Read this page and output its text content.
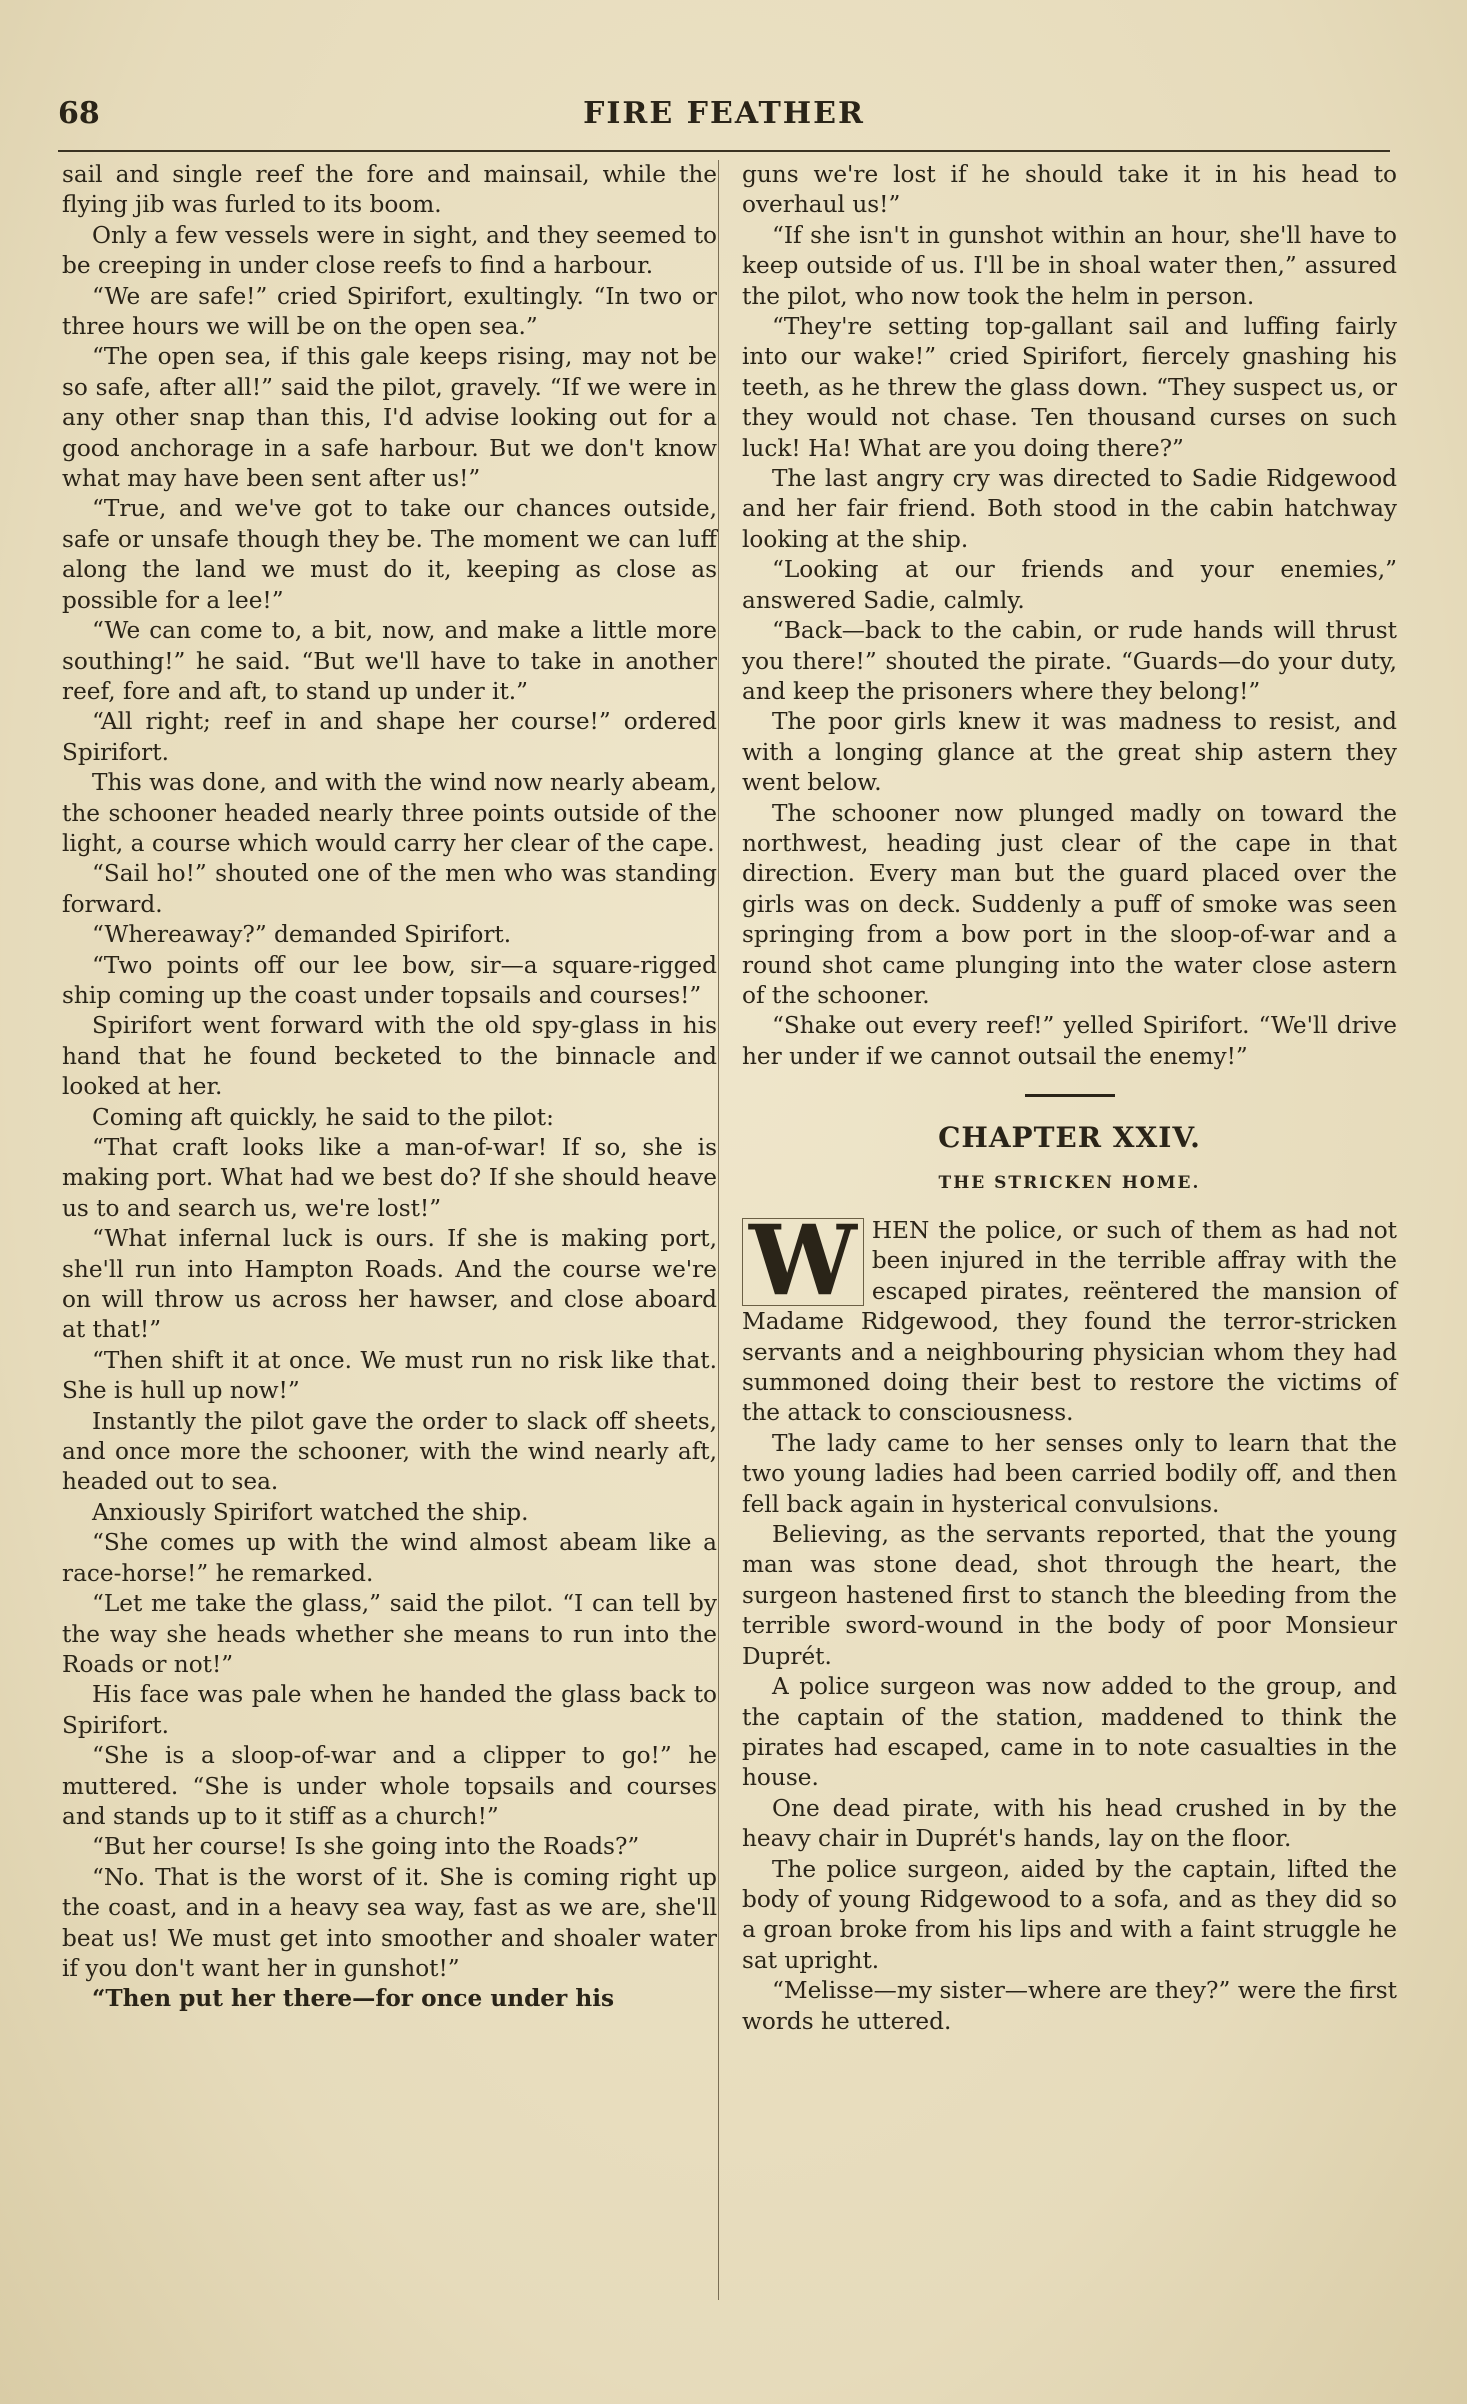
68	FIRE FEATHER

sail and single reef the fore and mainsail, while the flying jib was furled to its boom.

Only a few vessels were in sight, and they seemed to be creeping in under close reefs to find a harbour.

“We are safe!” cried Spirifort, exultingly. “In two or three hours we will be on the open sea.”

“The open sea, if this gale keeps rising, may not be so safe, after all!” said the pilot, gravely. “If we were in any other snap than this, I'd advise looking out for a good anchorage in a safe harbour. But we don't know what may have been sent after us!”

“True, and we've got to take our chances outside, safe or unsafe though they be. The moment we can luff along the land we must do it, keeping as close as possible for a lee!”

“We can come to, a bit, now, and make a little more southing!” he said. “But we'll have to take in another reef, fore and aft, to stand up under it.”

“All right; reef in and shape her course!” ordered Spirifort.

This was done, and with the wind now nearly abeam, the schooner headed nearly three points outside of the light, a course which would carry her clear of the cape.

“Sail ho!” shouted one of the men who was standing forward.

“Whereaway?” demanded Spirifort.

“Two points off our lee bow, sir—a square-rigged ship coming up the coast under topsails and courses!”

Spirifort went forward with the old spy-glass in his hand that he found becketed to the binnacle and looked at her.

Coming aft quickly, he said to the pilot:

“That craft looks like a man-of-war! If so, she is making port. What had we best do? If she should heave us to and search us, we're lost!”

“What infernal luck is ours. If she is making port, she'll run into Hampton Roads. And the course we're on will throw us across her hawser, and close aboard at that!”

“Then shift it at once. We must run no risk like that. She is hull up now!”

Instantly the pilot gave the order to slack off sheets, and once more the schooner, with the wind nearly aft, headed out to sea.

Anxiously Spirifort watched the ship.

“She comes up with the wind almost abeam like a race-horse!” he remarked.

“Let me take the glass,” said the pilot. “I can tell by the way she heads whether she means to run into the Roads or not!”

His face was pale when he handed the glass back to Spirifort.

“She is a sloop-of-war and a clipper to go!” he muttered. “She is under whole topsails and courses and stands up to it stiff as a church!”

“But her course! Is she going into the Roads?”

“No. That is the worst of it. She is coming right up the coast, and in a heavy sea way, fast as we are, she'll beat us! We must get into smoother and shoaler water if you don't want her in gunshot!”

“Then put her there—for once under his

guns we're lost if he should take it in his head to overhaul us!”

“If she isn't in gunshot within an hour, she'll have to keep outside of us. I'll be in shoal water then,” assured the pilot, who now took the helm in person.

“They're setting top-gallant sail and luffing fairly into our wake!” cried Spirifort, fiercely gnashing his teeth, as he threw the glass down. “They suspect us, or they would not chase. Ten thousand curses on such luck! Ha! What are you doing there?”

The last angry cry was directed to Sadie Ridgewood and her fair friend. Both stood in the cabin hatchway looking at the ship.

“Looking at our friends and your enemies,” answered Sadie, calmly.

“Back—back to the cabin, or rude hands will thrust you there!” shouted the pirate. “Guards—do your duty, and keep the prisoners where they belong!”

The poor girls knew it was madness to resist, and with a longing glance at the great ship astern they went below.

The schooner now plunged madly on toward the northwest, heading just clear of the cape in that direction. Every man but the guard placed over the girls was on deck. Suddenly a puff of smoke was seen springing from a bow port in the sloop-of-war and a round shot came plunging into the water close astern of the schooner.

“Shake out every reef!” yelled Spirifort. “We'll drive her under if we cannot outsail the enemy!”

CHAPTER XXIV.
THE STRICKEN HOME.

W HEN the police, or such of them as had not been injured in the terrible affray with the escaped pirates, reëntered the mansion of Madame Ridgewood, they found the terror-stricken servants and a neighbouring physician whom they had summoned doing their best to restore the victims of the attack to consciousness.

The lady came to her senses only to learn that the two young ladies had been carried bodily off, and then fell back again in hysterical convulsions.

Believing, as the servants reported, that the young man was stone dead, shot through the heart, the surgeon hastened first to stanch the bleeding from the terrible sword-wound in the body of poor Monsieur Duprét.

A police surgeon was now added to the group, and the captain of the station, maddened to think the pirates had escaped, came in to note casualties in the house.

One dead pirate, with his head crushed in by the heavy chair in Duprét's hands, lay on the floor.

The police surgeon, aided by the captain, lifted the body of young Ridgewood to a sofa, and as they did so a groan broke from his lips and with a faint struggle he sat upright.

“Melisse—my sister—where are they?” were the first words he uttered.
